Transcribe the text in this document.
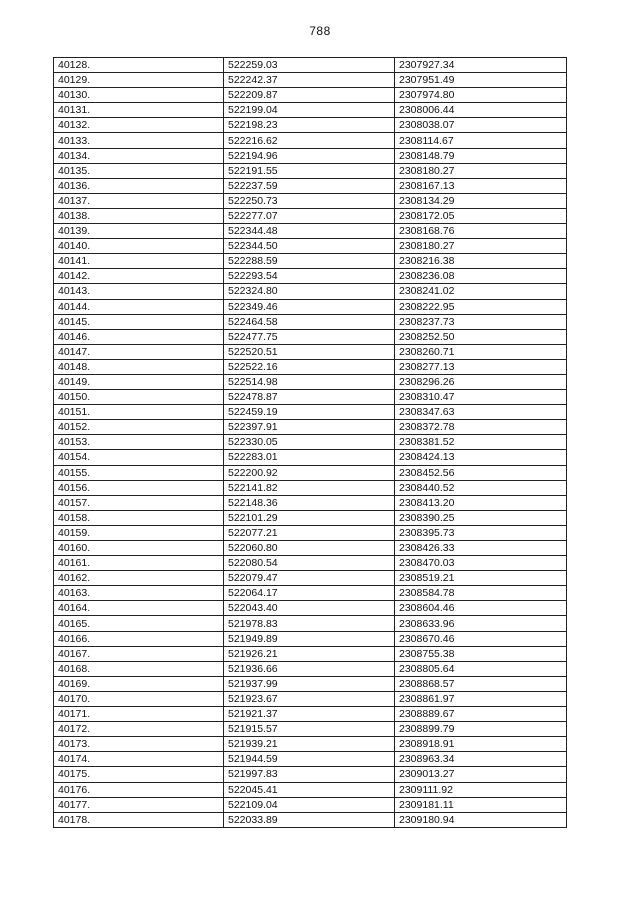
788
40128.	522259.03	2307927.34
40129.	522242.37	2307951.49
40130.	522209.87	2307974.80
40131.	522199.04	2308006.44
40132.	522198.23	2308038.07
40133.	522216.62	2308114.67
40134.	522194.96	2308148.79
40135.	522191.55	2308180.27
40136.	522237.59	2308167.13
40137.	522250.73	2308134.29
40138.	522277.07	2308172.05
40139.	522344.48	2308168.76
40140.	522344.50	2308180.27
40141.	522288.59	2308216.38
40142.	522293.54	2308236.08
40143.	522324.80	2308241.02
40144.	522349.46	2308222.95
40145.	522464.58	2308237.73
40146.	522477.75	2308252.50
40147.	522520.51	2308260.71
40148.	522522.16	2308277.13
40149.	522514.98	2308296.26
40150.	522478.87	2308310.47
40151.	522459.19	2308347.63
40152.	522397.91	2308372.78
40153.	522330.05	2308381.52
40154.	522283.01	2308424.13
40155.	522200.92	2308452.56
40156.	522141.82	2308440.52
40157.	522148.36	2308413.20
40158.	522101.29	2308390.25
40159.	522077.21	2308395.73
40160.	522060.80	2308426.33
40161.	522080.54	2308470.03
40162.	522079.47	2308519.21
40163.	522064.17	2308584.78
40164.	522043.40	2308604.46
40165.	521978.83	2308633.96
40166.	521949.89	2308670.46
40167.	521926.21	2308755.38
40168.	521936.66	2308805.64
40169.	521937.99	2308868.57
40170.	521923.67	2308861.97
40171.	521921.37	2308889.67
40172.	521915.57	2308899.79
40173.	521939.21	2308918.91
40174.	521944.59	2308963.34
40175.	521997.83	2309013.27
40176.	522045.41	2309111.92
40177.	522109.04	2309181.11
40178.	522033.89	2309180.94
